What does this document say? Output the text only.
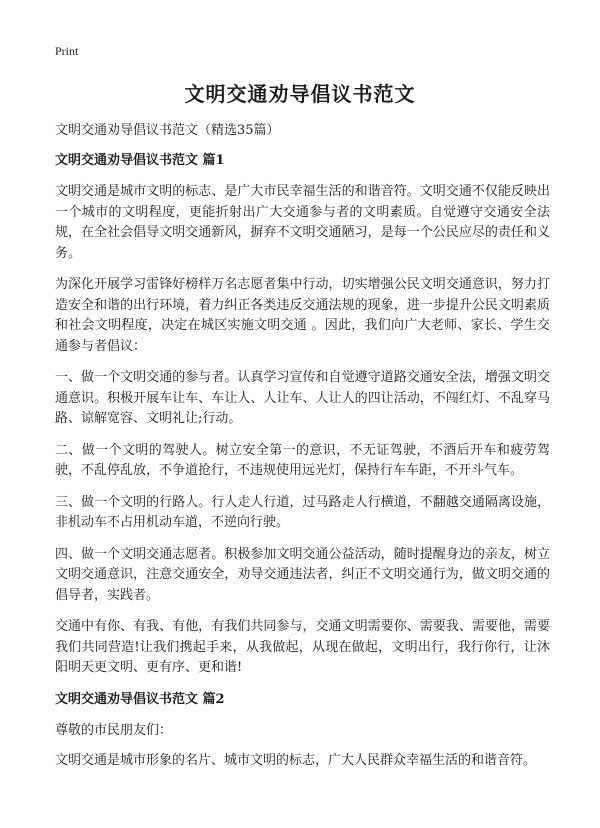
Print
文明交通劝导倡议书范文

文明交通劝导倡议书范文（精选35篇）

文明交通劝导倡议书范文 篇1

文明交通是城市文明的标志、是广大市民幸福生活的和谐音符。文明交通不仅能反映出一个城市的文明程度，更能折射出广大交通参与者的文明素质。自觉遵守交通安全法规，在全社会倡导文明交通新风，摒弃不文明交通陋习，是每一个公民应尽的责任和义务。

为深化开展学习雷锋好榜样万名志愿者集中行动，切实增强公民文明交通意识，努力打造安全和谐的出行环境，着力纠正各类违反交通法规的现象，进一步提升公民文明素质和社会文明程度，决定在城区实施文明交通 。因此，我们向广大老师、家长、学生交通参与者倡议：

一、做一个文明交通的参与者。认真学习宣传和自觉遵守道路交通安全法，增强文明交通意识。积极开展车让车、车让人、人让车、人让人的四让活动，不闯红灯、不乱穿马路、谅解宽容、文明礼让;行动。

二、做一个文明的驾驶人。树立安全第一的意识，不无证驾驶，不酒后开车和疲劳驾驶，不乱停乱放，不争道抢行，不违规使用远光灯，保持行车车距，不开斗气车。

三、做一个文明的行路人。行人走人行道，过马路走人行横道，不翻越交通隔离设施，非机动车不占用机动车道，不逆向行驶。

四、做一个文明交通志愿者。积极参加文明交通公益活动，随时提醒身边的亲友，树立文明交通意识，注意交通安全，劝导交通违法者，纠正不文明交通行为，做文明交通的倡导者，实践者。

交通中有你、有我、有他，有我们共同参与，交通文明需要你、需要我、需要他，需要我们共同营造!让我们携起手来，从我做起，从现在做起，文明出行，我行你行，让沐阳明天更文明、更有序、更和谐!

文明交通劝导倡议书范文 篇2

尊敬的市民朋友们：

文明交通是城市形象的名片、城市文明的标志，广大人民群众幸福生活的和谐音符。
